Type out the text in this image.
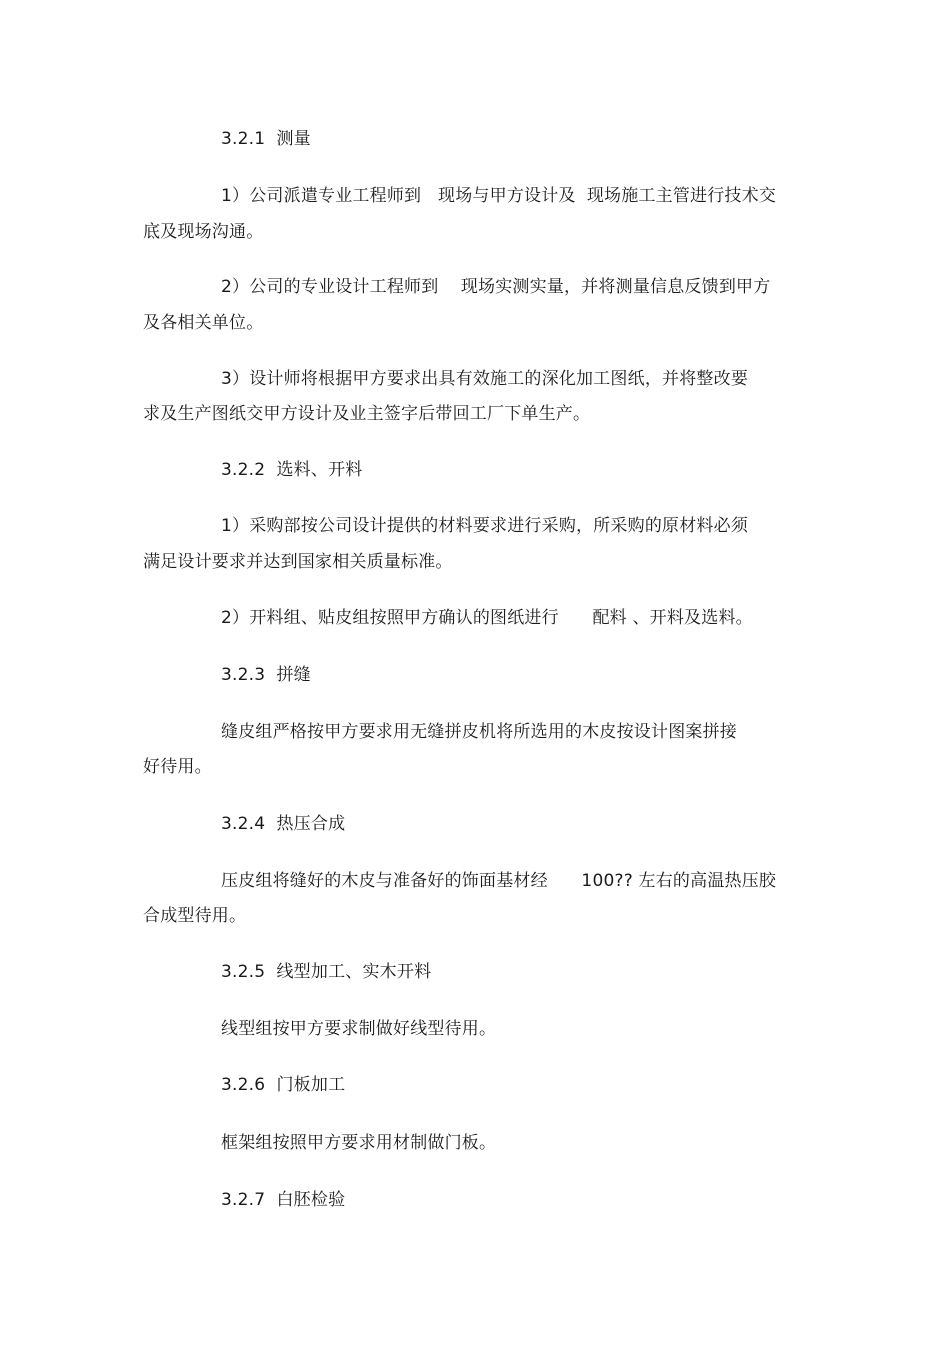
3.2.1  测量
1）公司派遣专业工程师到   现场与甲方设计及  现场施工主管进行技术交
底及现场沟通。
2）公司的专业设计工程师到    现场实测实量，并将测量信息反馈到甲方
及各相关单位。
3）设计师将根据甲方要求出具有效施工的深化加工图纸，并将整改要
求及生产图纸交甲方设计及业主签字后带回工厂下单生产。
3.2.2  选料、开料
1）采购部按公司设计提供的材料要求进行采购，所采购的原材料必须
满足设计要求并达到国家相关质量标准。
2）开料组、贴皮组按照甲方确认的图纸进行      配料 、开料及选料。
3.2.3  拼缝
缝皮组严格按甲方要求用无缝拼皮机将所选用的木皮按设计图案拼接
好待用。
3.2.4  热压合成
压皮组将缝好的木皮与准备好的饰面基材经      100?? 左右的高温热压胶
合成型待用。
3.2.5  线型加工、实木开料
线型组按甲方要求制做好线型待用。
3.2.6  门板加工
框架组按照甲方要求用材制做门板。
3.2.7  白胚检验
